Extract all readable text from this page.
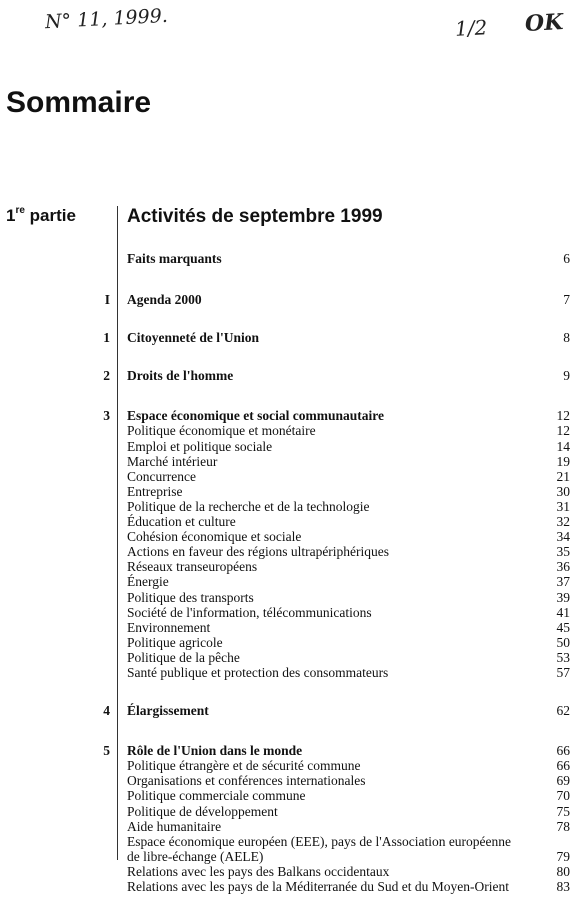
N° 11, 1999.	1/2 OK
Sommaire
1re partie	Activités de septembre 1999
Faits marquants	6
I	Agenda 2000	7
1	Citoyenneté de l'Union	8
2	Droits de l'homme	9
3	Espace économique et social communautaire	12
Politique économique et monétaire	12
Emploi et politique sociale	14
Marché intérieur	19
Concurrence	21
Entreprise	30
Politique de la recherche et de la technologie	31
Éducation et culture	32
Cohésion économique et sociale	34
Actions en faveur des régions ultrapériphériques	35
Réseaux transeuropéens	36
Énergie	37
Politique des transports	39
Société de l'information, télécommunications	41
Environnement	45
Politique agricole	50
Politique de la pêche	53
Santé publique et protection des consommateurs	57
4	Élargissement	62
5	Rôle de l'Union dans le monde	66
Politique étrangère et de sécurité commune	66
Organisations et conférences internationales	69
Politique commerciale commune	70
Politique de développement	75
Aide humanitaire	78
Espace économique européen (EEE), pays de l'Association européenne
de libre-échange (AELE)	79
Relations avec les pays des Balkans occidentaux	80
Relations avec les pays de la Méditerranée du Sud et du Moyen-Orient	83
